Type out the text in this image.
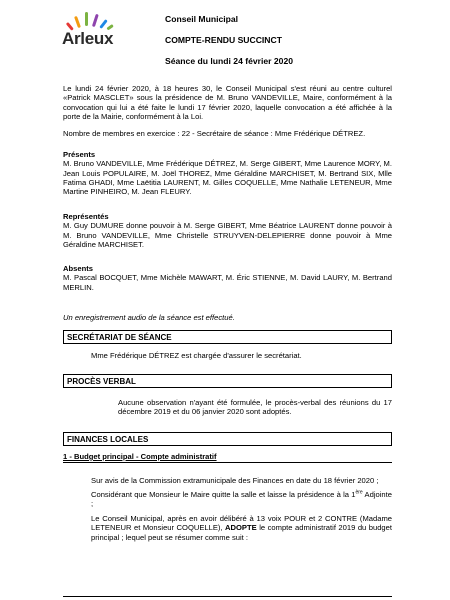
Arleux
Conseil Municipal
COMPTE-RENDU SUCCINCT
Séance du lundi 24 février 2020

Le lundi 24 février 2020, à 18 heures 30, le Conseil Municipal s'est réuni au centre culturel «Patrick MASCLET» sous la présidence de M. Bruno VANDEVILLE, Maire, conformément à la convocation qui lui a été faite le lundi 17 février 2020, laquelle convocation a été affichée à la porte de la Mairie, conformément à la Loi.

Nombre de membres en exercice : 22 - Secrétaire de séance : Mme Frédérique DÉTREZ.

Présents
M. Bruno VANDEVILLE, Mme Frédérique DÉTREZ, M. Serge GIBERT, Mme Laurence MORY, M. Jean Louis POPULAIRE, M. Joël THOREZ, Mme Géraldine MARCHISET, M. Bertrand SIX, Mlle Fatima GHADI, Mme Laëtitia LAURENT, M. Gilles COQUELLE, Mme Nathalie LETENEUR, Mme Martine PINHEIRO, M. Jean FLEURY.
Représentés
M. Guy DUMURE donne pouvoir à M. Serge GIBERT, Mme Béatrice LAURENT donne pouvoir à M. Bruno VANDEVILLE, Mme Christelle STRUYVEN-DELEPIERRE donne pouvoir à Mme Géraldine MARCHISET.
Absents
M. Pascal BOCQUET, Mme Michèle MAWART, M. Éric STIENNE, M. David LAURY, M. Bertrand MERLIN.

Un enregistrement audio de la séance est effectué.

SECRÉTARIAT DE SÉANCE

Mme Frédérique DÉTREZ est chargée d'assurer le secrétariat.

PROCÈS VERBAL

Aucune observation n'ayant été formulée, le procès-verbal des réunions du 17 décembre 2019 et du 06 janvier 2020 sont adoptés.

FINANCES LOCALES
1 - Budget principal - Compte administratif

Sur avis de la Commission extramunicipale des Finances en date du 18 février 2020 ;

Considérant que Monsieur le Maire quitte la salle et laisse la présidence à la 1ère Adjointe ;

Le Conseil Municipal, après en avoir délibéré à 13 voix POUR et 2 CONTRE (Madame LETENEUR et Monsieur COQUELLE), ADOPTE le compte administratif 2019 du budget principal ; lequel peut se résumer comme suit :
